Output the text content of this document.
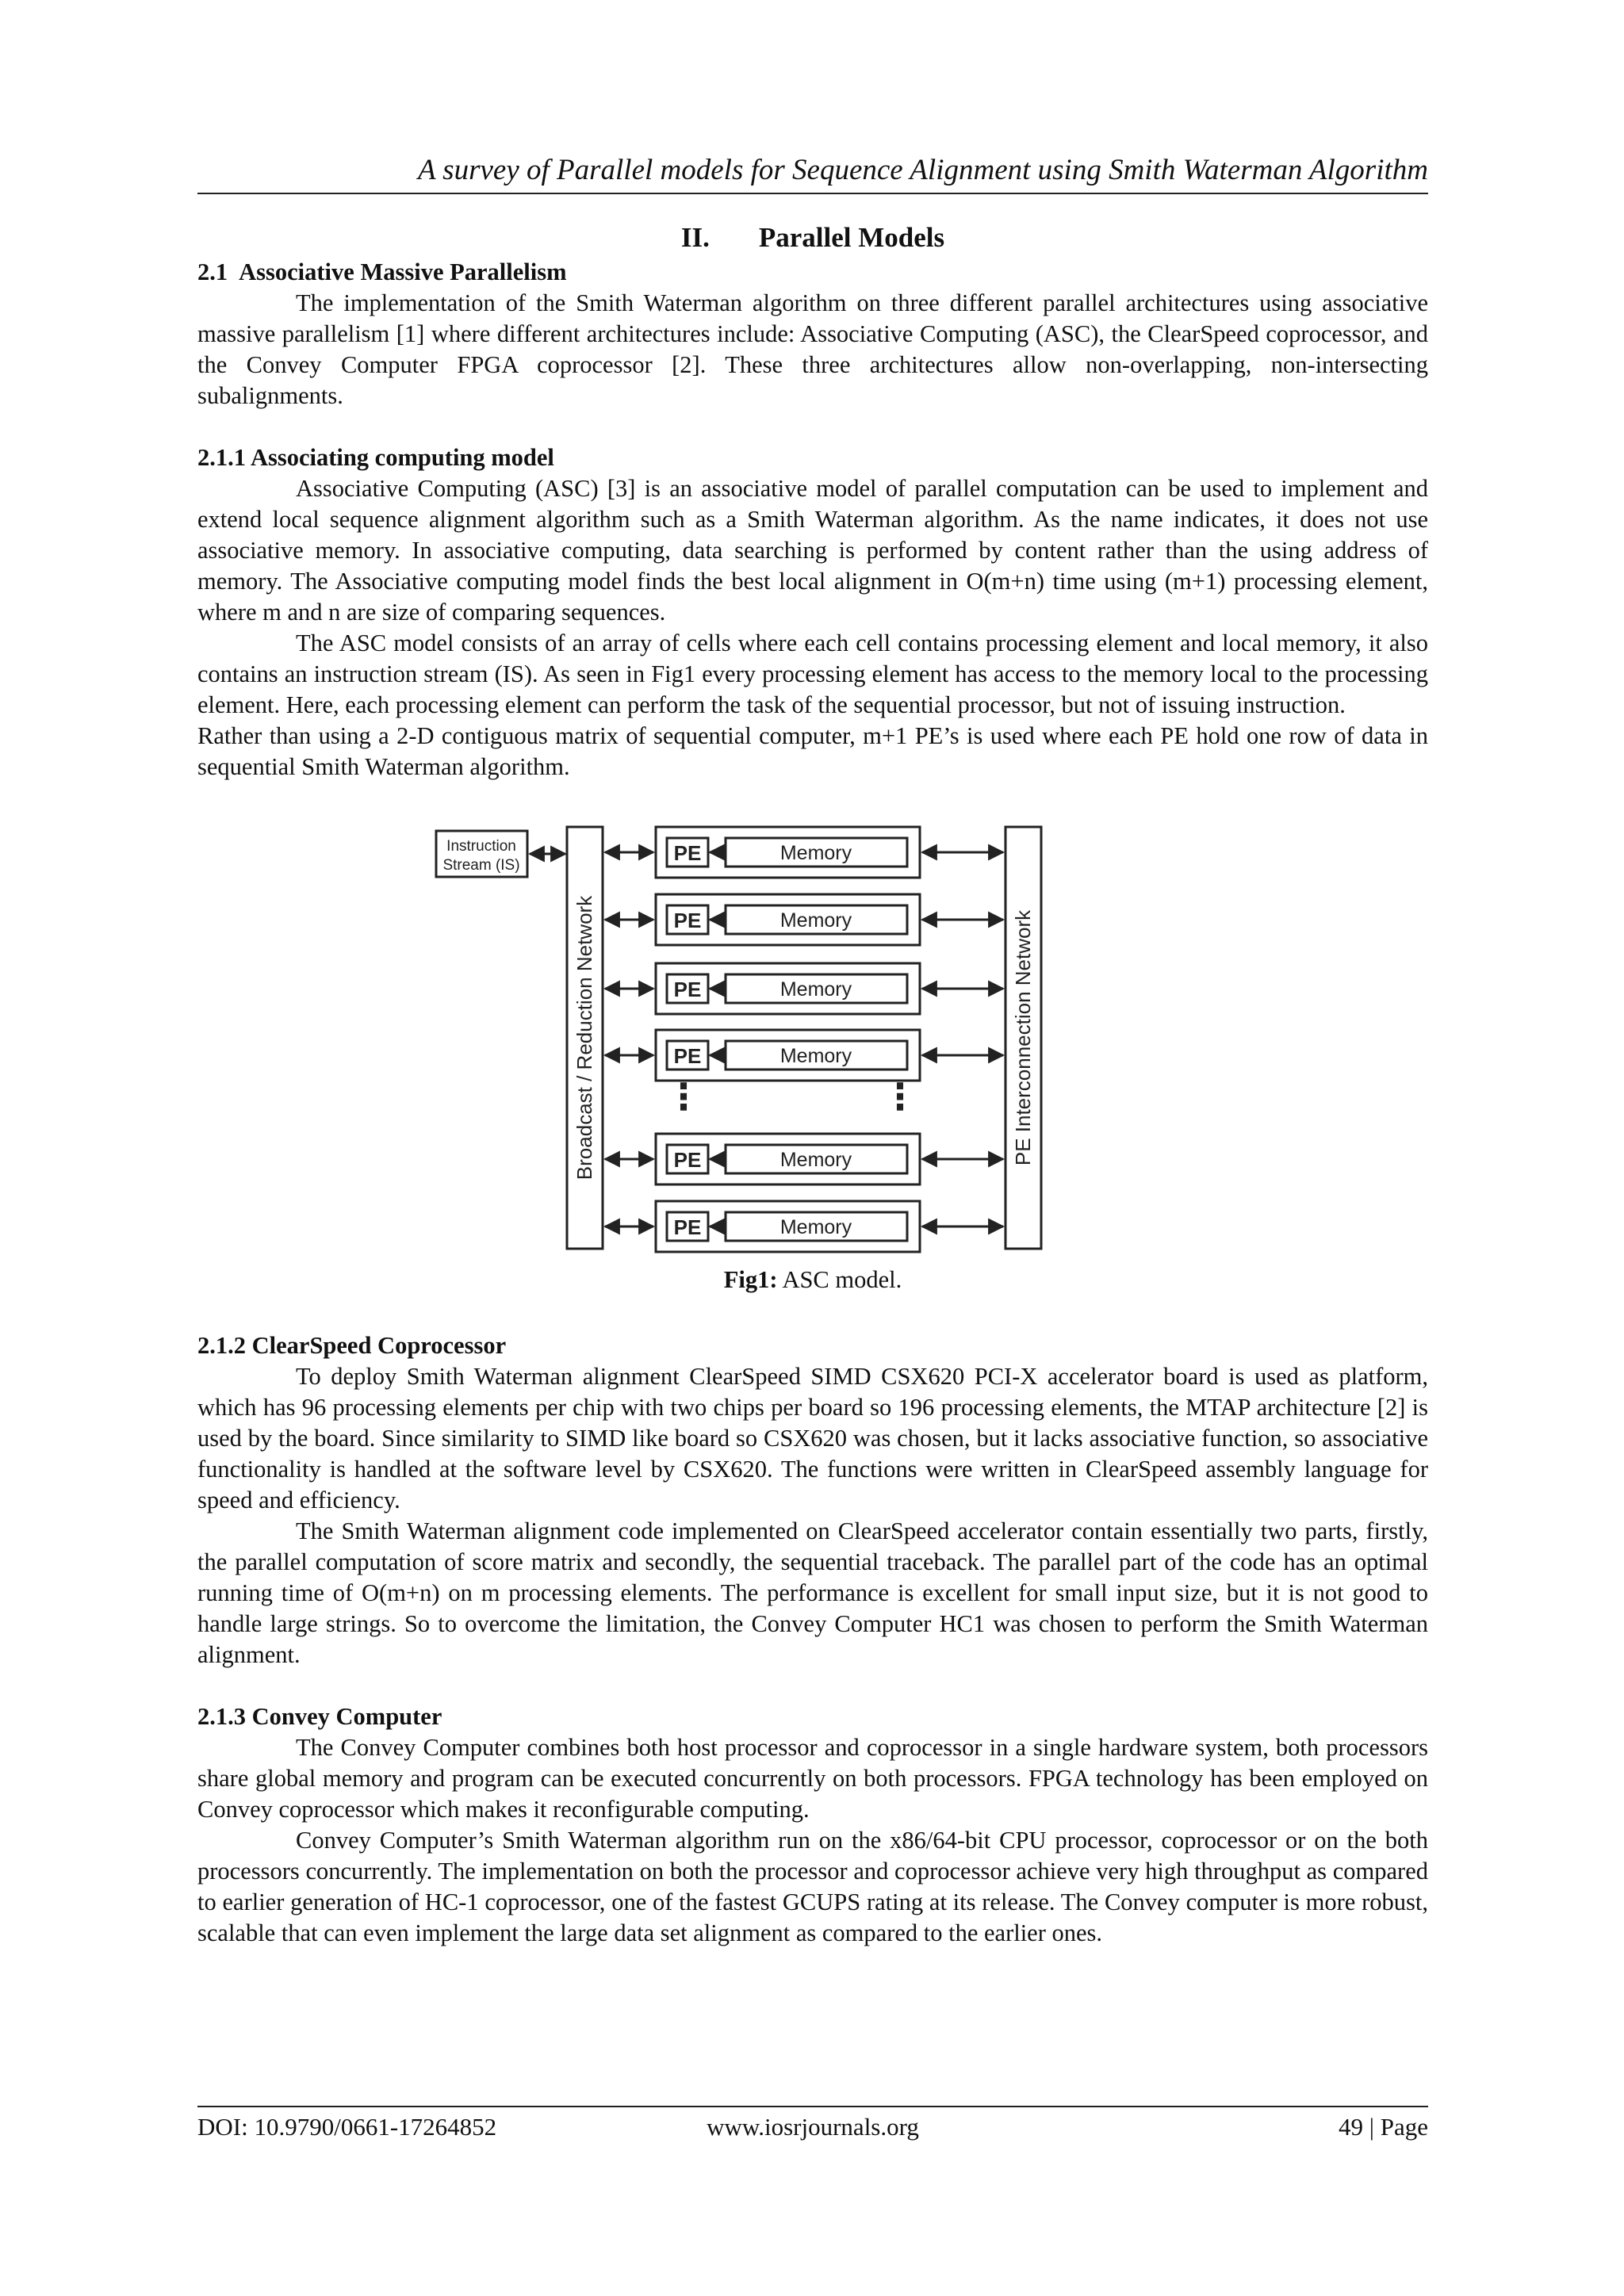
A survey of Parallel models for Sequence Alignment using Smith Waterman Algorithm
II. Parallel Models
2.1 Associative Massive Parallelism

The implementation of the Smith Waterman algorithm on three different parallel architectures using associative massive parallelism [1] where different architectures include: Associative Computing (ASC), the ClearSpeed coprocessor, and the Convey Computer FPGA coprocessor [2]. These three architectures allow non-overlapping, non-intersecting subalignments.

2.1.1 Associating computing model

Associative Computing (ASC) [3] is an associative model of parallel computation can be used to implement and extend local sequence alignment algorithm such as a Smith Waterman algorithm. As the name indicates, it does not use associative memory. In associative computing, data searching is performed by content rather than the using address of memory. The Associative computing model finds the best local alignment in O(m+n) time using (m+1) processing element, where m and n are size of comparing sequences.

The ASC model consists of an array of cells where each cell contains processing element and local memory, it also contains an instruction stream (IS). As seen in Fig1 every processing element has access to the memory local to the processing element. Here, each processing element can perform the task of the sequential processor, but not of issuing instruction.

Rather than using a 2-D contiguous matrix of sequential computer, m+1 PE’s is used where each PE hold one row of data in sequential Smith Waterman algorithm.

Instruction
Stream (IS)
Broadcast / Reduction Network	PE Interconnection Network
PE	Memory
PE	Memory
PE	Memory
PE	Memory
PE	Memory
PE	Memory
⋮	⋮
Fig1: ASC model.
2.1.2 ClearSpeed Coprocessor

To deploy Smith Waterman alignment ClearSpeed SIMD CSX620 PCI-X accelerator board is used as platform, which has 96 processing elements per chip with two chips per board so 196 processing elements, the MTAP architecture [2] is used by the board. Since similarity to SIMD like board so CSX620 was chosen, but it lacks associative function, so associative functionality is handled at the software level by CSX620. The functions were written in ClearSpeed assembly language for speed and efficiency.

The Smith Waterman alignment code implemented on ClearSpeed accelerator contain essentially two parts, firstly, the parallel computation of score matrix and secondly, the sequential traceback. The parallel part of the code has an optimal running time of O(m+n) on m processing elements. The performance is excellent for small input size, but it is not good to handle large strings. So to overcome the limitation, the Convey Computer HC1 was chosen to perform the Smith Waterman alignment.

2.1.3 Convey Computer

The Convey Computer combines both host processor and coprocessor in a single hardware system, both processors share global memory and program can be executed concurrently on both processors. FPGA technology has been employed on Convey coprocessor which makes it reconfigurable computing.

Convey Computer’s Smith Waterman algorithm run on the x86/64-bit CPU processor, coprocessor or on the both processors concurrently. The implementation on both the processor and coprocessor achieve very high throughput as compared to earlier generation of HC-1 coprocessor, one of the fastest GCUPS rating at its release. The Convey computer is more robust, scalable that can even implement the large data set alignment as compared to the earlier ones.

DOI: 10.9790/0661-17264852	www.iosrjournals.org	49 | Page
